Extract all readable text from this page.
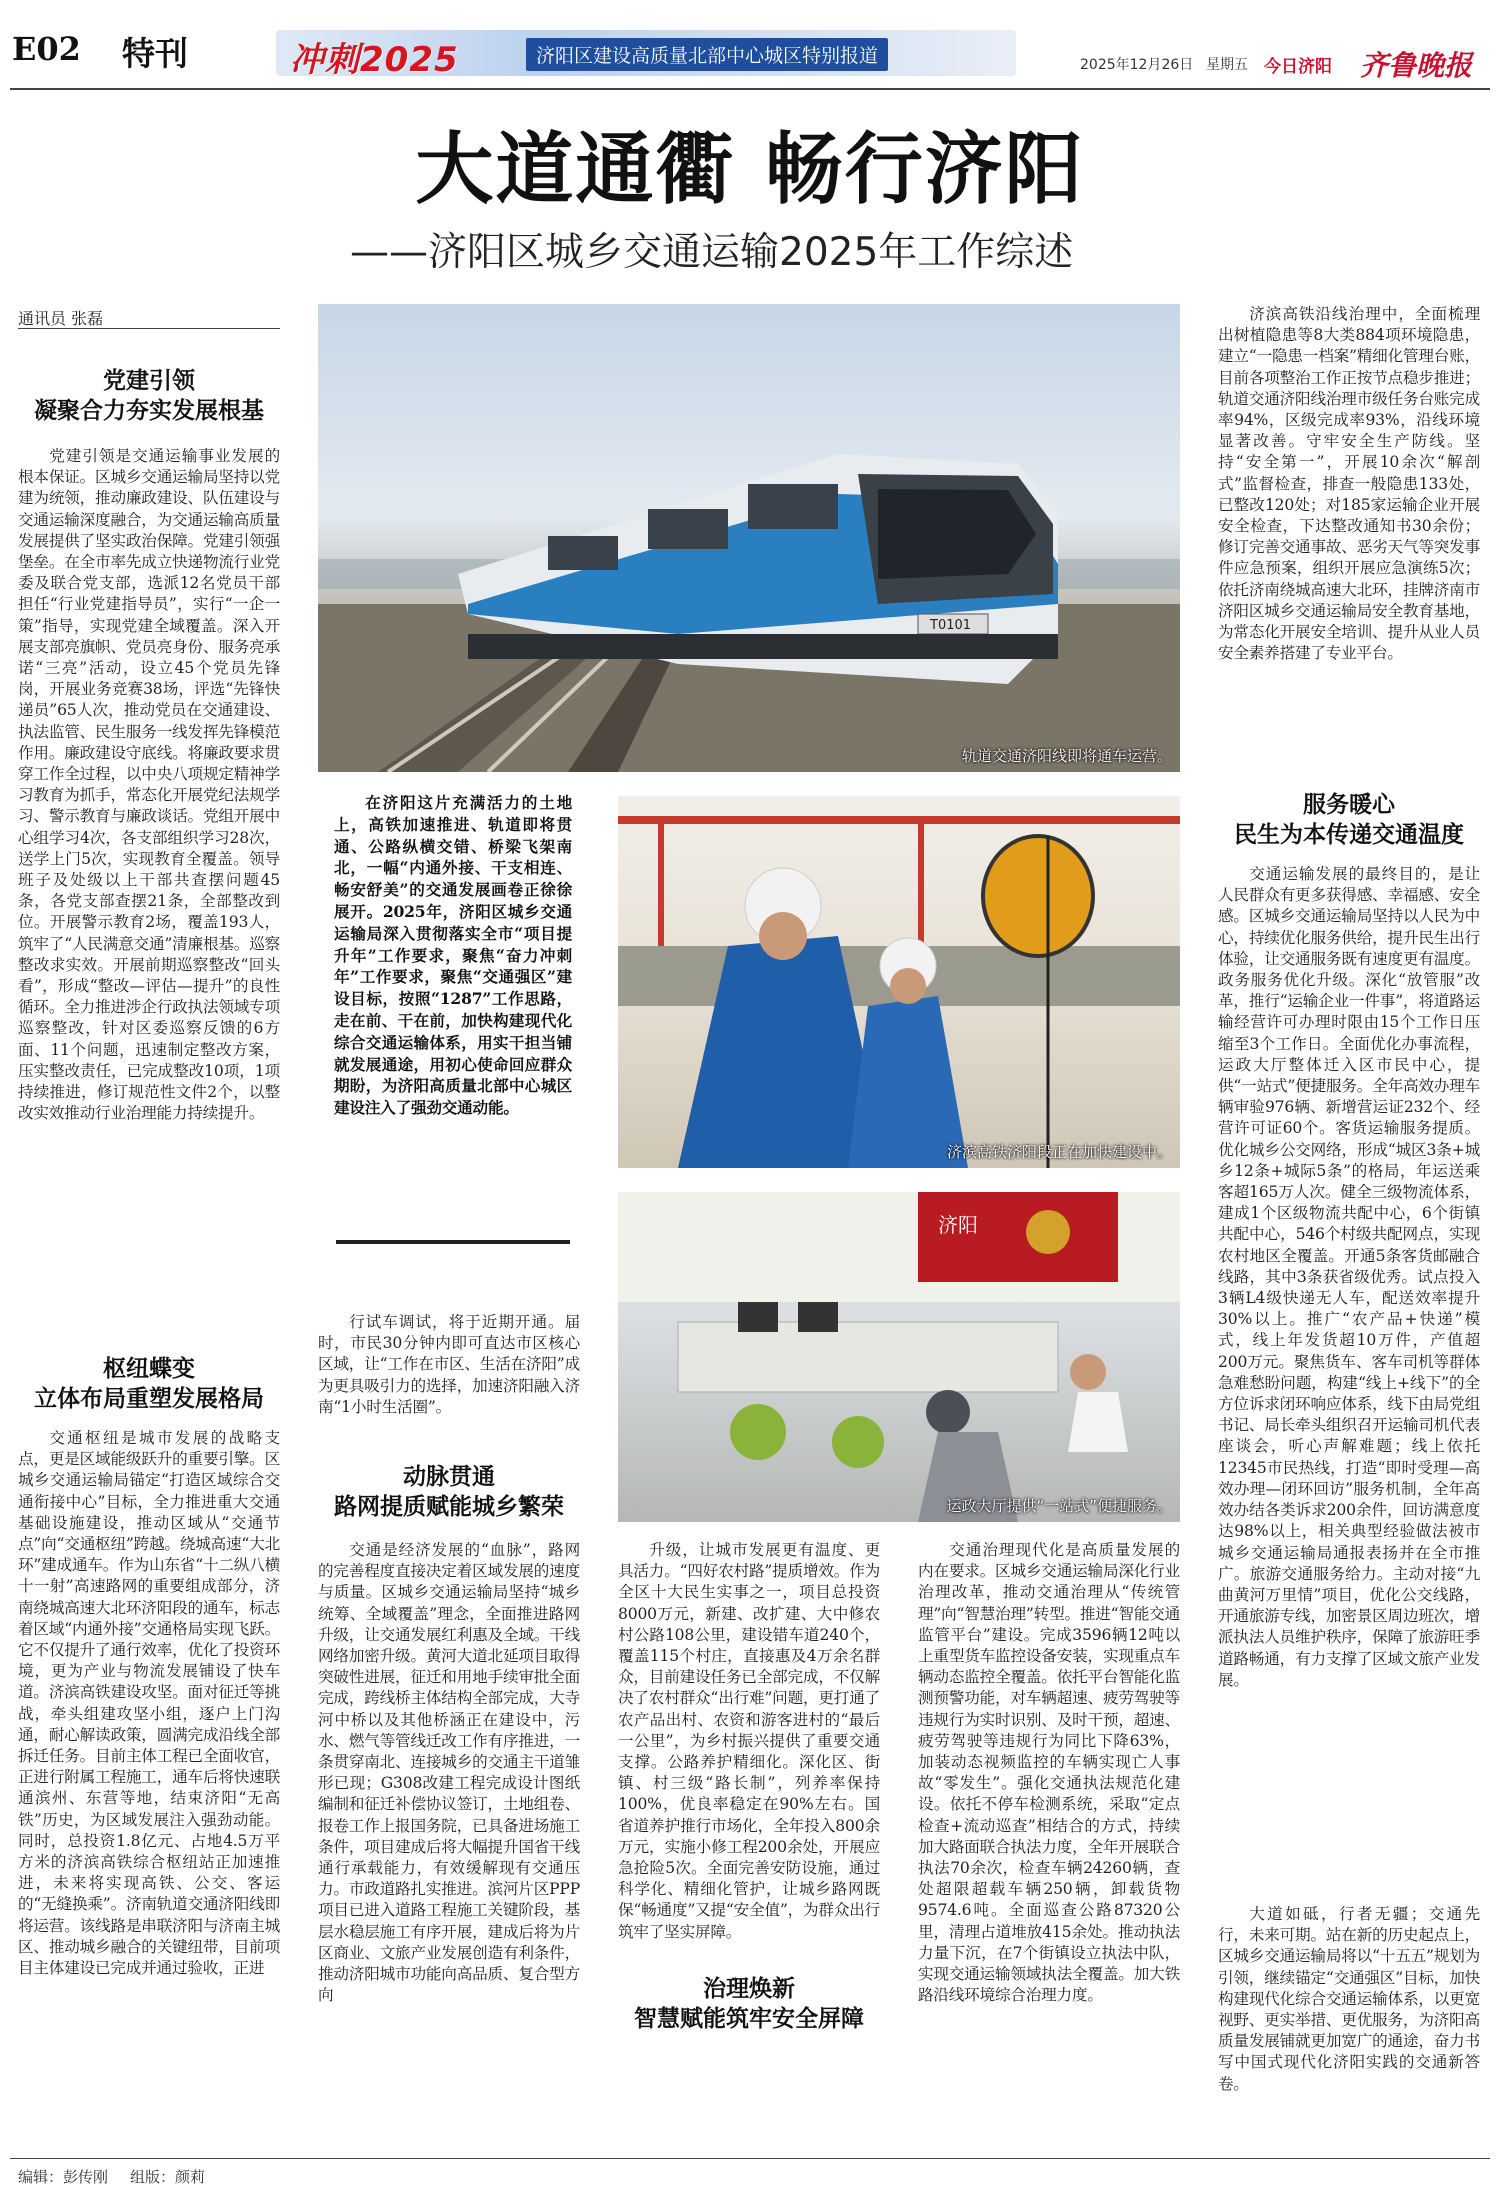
E02 特刊	冲刺2025	济阳区建设高质量北部中心城区特别报道	2025年12月26日 星期五 今日济阳 齐鲁晚报
大道通衢 畅行济阳
——济阳区城乡交通运输2025年工作综述
通讯员 张磊
党建引领
凝聚合力夯实发展根基
党建引领是交通运输事业发展的根本保证。区城乡交通运输局坚持以党建为统领，推动廉政建设、队伍建设与交通运输深度融合，为交通运输高质量发展提供了坚实政治保障。党建引领强堡垒。在全市率先成立快递物流行业党委及联合党支部，选派12名党员干部担任“行业党建指导员”，实行“一企一策”指导，实现党建全域覆盖。深入开展支部亮旗帜、党员亮身份、服务亮承诺“三亮”活动，设立45个党员先锋岗，开展业务竞赛38场，评选“先锋快递员”65人次，推动党员在交通建设、执法监管、民生服务一线发挥先锋模范作用。廉政建设守底线。将廉政要求贯穿工作全过程，以中央八项规定精神学习教育为抓手，常态化开展党纪法规学习、警示教育与廉政谈话。党组开展中心组学习4次，各支部组织学习28次，送学上门5次，实现教育全覆盖。领导班子及处级以上干部共查摆问题45条，各党支部查摆21条，全部整改到位。开展警示教育2场，覆盖193人，筑牢了“人民满意交通”清廉根基。巡察整改求实效。开展前期巡察整改“回头看”，形成“整改—评估—提升”的良性循环。全力推进涉企行政执法领域专项巡察整改，针对区委巡察反馈的6方面、11个问题，迅速制定整改方案，压实整改责任，已完成整改10项，1项持续推进，修订规范性文件2个，以整改实效推动行业治理能力持续提升。
枢纽蝶变
立体布局重塑发展格局
交通枢纽是城市发展的战略支点，更是区域能级跃升的重要引擎。区城乡交通运输局锚定“打造区域综合交通衔接中心”目标，全力推进重大交通基础设施建设，推动区域从“交通节点”向“交通枢纽”跨越。绕城高速“大北环”建成通车。作为山东省“十二纵八横十一射”高速路网的重要组成部分，济南绕城高速大北环济阳段的通车，标志着区域“内通外接”交通格局实现飞跃。它不仅提升了通行效率，优化了投资环境，更为产业与物流发展铺设了快车道。济滨高铁建设攻坚。面对征迁等挑战，牵头组建攻坚小组，逐户上门沟通，耐心解读政策，圆满完成沿线全部拆迁任务。目前主体工程已全面收官，正进行附属工程施工，通车后将快速联通滨州、东营等地，结束济阳“无高铁”历史，为区域发展注入强劲动能。同时，总投资1.8亿元、占地4.5万平方米的济滨高铁综合枢纽站正加速推进，未来将实现高铁、公交、客运的“无缝换乘”。济南轨道交通济阳线即将运营。该线路是串联济阳与济南主城区、推动城乡融合的关键纽带，目前项目主体建设已完成并通过验收，正进
T0101
轨道交通济阳线即将通车运营。
在济阳这片充满活力的土地上，高铁加速推进、轨道即将贯通、公路纵横交错、桥梁飞架南北，一幅“内通外接、干支相连、畅安舒美”的交通发展画卷正徐徐展开。2025年，济阳区城乡交通运输局深入贯彻落实全市“项目提升年”工作要求，聚焦“奋力冲刺年”工作要求，聚焦“交通强区”建设目标，按照“1287”工作思路，走在前、干在前，加快构建现代化综合交通运输体系，用实干担当铺就发展通途，用初心使命回应群众期盼，为济阳高质量北部中心城区建设注入了强劲交通动能。
行试车调试，将于近期开通。届时，市民30分钟内即可直达市区核心区域，让“工作在市区、生活在济阳”成为更具吸引力的选择，加速济阳融入济南“1小时生活圈”。
动脉贯通
路网提质赋能城乡繁荣
交通是经济发展的“血脉”，路网的完善程度直接决定着区域发展的速度与质量。区城乡交通运输局坚持“城乡统筹、全域覆盖”理念，全面推进路网升级，让交通发展红利惠及全域。干线网络加密升级。黄河大道北延项目取得突破性进展，征迁和用地手续审批全面完成，跨线桥主体结构全部完成，大寺河中桥以及其他桥涵正在建设中，污水、燃气等管线迁改工作有序推进，一条贯穿南北、连接城乡的交通主干道雏形已现；G308改建工程完成设计图纸编制和征迁补偿协议签订，土地组卷、报卷工作上报国务院，已具备进场施工条件，项目建成后将大幅提升国省干线通行承载能力，有效缓解现有交通压力。市政道路扎实推进。滨河片区PPP项目已进入道路工程施工关键阶段，基层水稳层施工有序开展，建成后将为片区商业、文旅产业发展创造有利条件，推动济阳城市功能向高品质、复合型方向
济滨高铁济阳段正在加快建设中。
济阳
运政大厅提供“一站式”便捷服务。
升级，让城市发展更有温度、更具活力。“四好农村路”提质增效。作为全区十大民生实事之一，项目总投资8000万元，新建、改扩建、大中修农村公路108公里，建设错车道240个，覆盖115个村庄，直接惠及4万余名群众，目前建设任务已全部完成，不仅解决了农村群众“出行难”问题，更打通了农产品出村、农资和游客进村的“最后一公里”，为乡村振兴提供了重要交通支撑。公路养护精细化。深化区、街镇、村三级“路长制”，列养率保持100%，优良率稳定在90%左右。国省道养护推行市场化，全年投入800余万元，实施小修工程200余处，开展应急抢险5次。全面完善安防设施，通过科学化、精细化管护，让城乡路网既保“畅通度”又提“安全值”，为群众出行筑牢了坚实屏障。
治理焕新
智慧赋能筑牢安全屏障
交通治理现代化是高质量发展的内在要求。区城乡交通运输局深化行业治理改革，推动交通治理从“传统管理”向“智慧治理”转型。推进“智能交通监管平台”建设。完成3596辆12吨以上重型货车监控设备安装，实现重点车辆动态监控全覆盖。依托平台智能化监测预警功能，对车辆超速、疲劳驾驶等违规行为实时识别、及时干预，超速、疲劳驾驶等违规行为同比下降63%，加装动态视频监控的车辆实现亡人事故“零发生”。强化交通执法规范化建设。依托不停车检测系统，采取“定点检查+流动巡查”相结合的方式，持续加大路面联合执法力度，全年开展联合执法70余次，检查车辆24260辆，查处超限超载车辆250辆，卸载货物9574.6吨。全面巡查公路87320公里，清理占道堆放415余处。推动执法力量下沉，在7个街镇设立执法中队，实现交通运输领域执法全覆盖。加大铁路沿线环境综合治理力度。
济滨高铁沿线治理中，全面梳理出树植隐患等8大类884项环境隐患，建立“一隐患一档案”精细化管理台账，目前各项整治工作正按节点稳步推进；轨道交通济阳线治理市级任务台账完成率94%，区级完成率93%，沿线环境显著改善。守牢安全生产防线。坚持“安全第一”，开展10余次“解剖式”监督检查，排查一般隐患133处，已整改120处；对185家运输企业开展安全检查，下达整改通知书30余份；修订完善交通事故、恶劣天气等突发事件应急预案，组织开展应急演练5次；依托济南绕城高速大北环，挂牌济南市济阳区城乡交通运输局安全教育基地，为常态化开展安全培训、提升从业人员安全素养搭建了专业平台。
服务暖心
民生为本传递交通温度
交通运输发展的最终目的，是让人民群众有更多获得感、幸福感、安全感。区城乡交通运输局坚持以人民为中心，持续优化服务供给，提升民生出行体验，让交通服务既有速度更有温度。政务服务优化升级。深化“放管服”改革，推行“运输企业一件事”，将道路运输经营许可办理时限由15个工作日压缩至3个工作日。全面优化办事流程，运政大厅整体迁入区市民中心，提供“一站式”便捷服务。全年高效办理车辆审验976辆、新增营运证232个、经营许可证60个。客货运输服务提质。优化城乡公交网络，形成“城区3条+城乡12条+城际5条”的格局，年运送乘客超165万人次。健全三级物流体系，建成1个区级物流共配中心，6个街镇共配中心，546个村级共配网点，实现农村地区全覆盖。开通5条客货邮融合线路，其中3条获省级优秀。试点投入3辆L4级快递无人车，配送效率提升30%以上。推广“农产品+快递”模式，线上年发货超10万件，产值超200万元。聚焦货车、客车司机等群体急难愁盼问题，构建“线上+线下”的全方位诉求闭环响应体系，线下由局党组书记、局长牵头组织召开运输司机代表座谈会，听心声解难题；线上依托12345市民热线，打造“即时受理—高效办理—闭环回访”服务机制，全年高效办结各类诉求200余件，回访满意度达98%以上，相关典型经验做法被市城乡交通运输局通报表扬并在全市推广。旅游交通服务给力。主动对接“九曲黄河万里情”项目，优化公交线路，开通旅游专线，加密景区周边班次，增派执法人员维护秩序，保障了旅游旺季道路畅通，有力支撑了区域文旅产业发展。
大道如砥，行者无疆；交通先行，未来可期。站在新的历史起点上，区城乡交通运输局将以“十五五”规划为引领，继续锚定“交通强区”目标，加快构建现代化综合交通运输体系，以更宽视野、更实举措、更优服务，为济阳高质量发展铺就更加宽广的通途，奋力书写中国式现代化济阳实践的交通新答卷。
编辑：彭传刚 组版：颜莉
